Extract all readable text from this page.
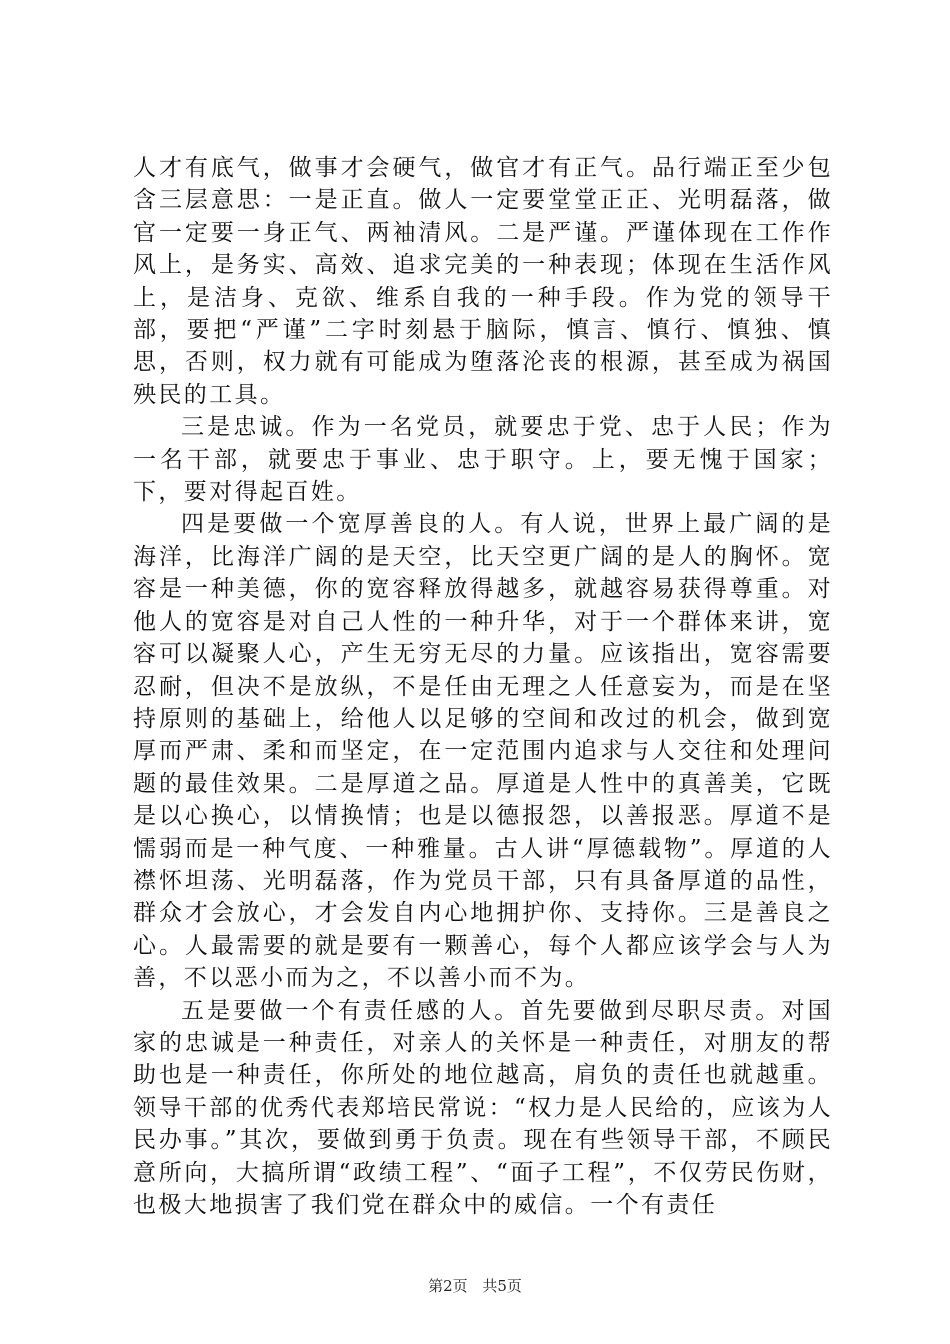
人才有底气，做事才会硬气，做官才有正气。品行端正至少包含三层意思：一是正直。做人一定要堂堂正正、光明磊落，做官一定要一身正气、两袖清风。二是严谨。严谨体现在工作作风上，是务实、高效、追求完美的一种表现；体现在生活作风上，是洁身、克欲、维系自我的一种手段。作为党的领导干部，要把“严谨”二字时刻悬于脑际，慎言、慎行、慎独、慎思，否则，权力就有可能成为堕落沦丧的根源，甚至成为祸国殃民的工具。

三是忠诚。作为一名党员，就要忠于党、忠于人民；作为一名干部，就要忠于事业、忠于职守。上，要无愧于国家；下，要对得起百姓。

四是要做一个宽厚善良的人。有人说，世界上最广阔的是海洋，比海洋广阔的是天空，比天空更广阔的是人的胸怀。宽容是一种美德，你的宽容释放得越多，就越容易获得尊重。对他人的宽容是对自己人性的一种升华，对于一个群体来讲，宽容可以凝聚人心，产生无穷无尽的力量。应该指出，宽容需要忍耐，但决不是放纵，不是任由无理之人任意妄为，而是在坚持原则的基础上，给他人以足够的空间和改过的机会，做到宽厚而严肃、柔和而坚定，在一定范围内追求与人交往和处理问题的最佳效果。二是厚道之品。厚道是人性中的真善美，它既是以心换心，以情换情；也是以德报怨，以善报恶。厚道不是懦弱而是一种气度、一种雅量。古人讲“厚德载物”。厚道的人襟怀坦荡、光明磊落，作为党员干部，只有具备厚道的品性，群众才会放心，才会发自内心地拥护你、支持你。三是善良之心。人最需要的就是要有一颗善心，每个人都应该学会与人为善，不以恶小而为之，不以善小而不为。

五是要做一个有责任感的人。首先要做到尽职尽责。对国家的忠诚是一种责任，对亲人的关怀是一种责任，对朋友的帮助也是一种责任，你所处的地位越高，肩负的责任也就越重。领导干部的优秀代表郑培民常说：“权力是人民给的，应该为人民办事。”其次，要做到勇于负责。现在有些领导干部，不顾民意所向，大搞所谓“政绩工程”、“面子工程”，不仅劳民伤财，也极大地损害了我们党在群众中的威信。一个有责任

第2页 共5页
